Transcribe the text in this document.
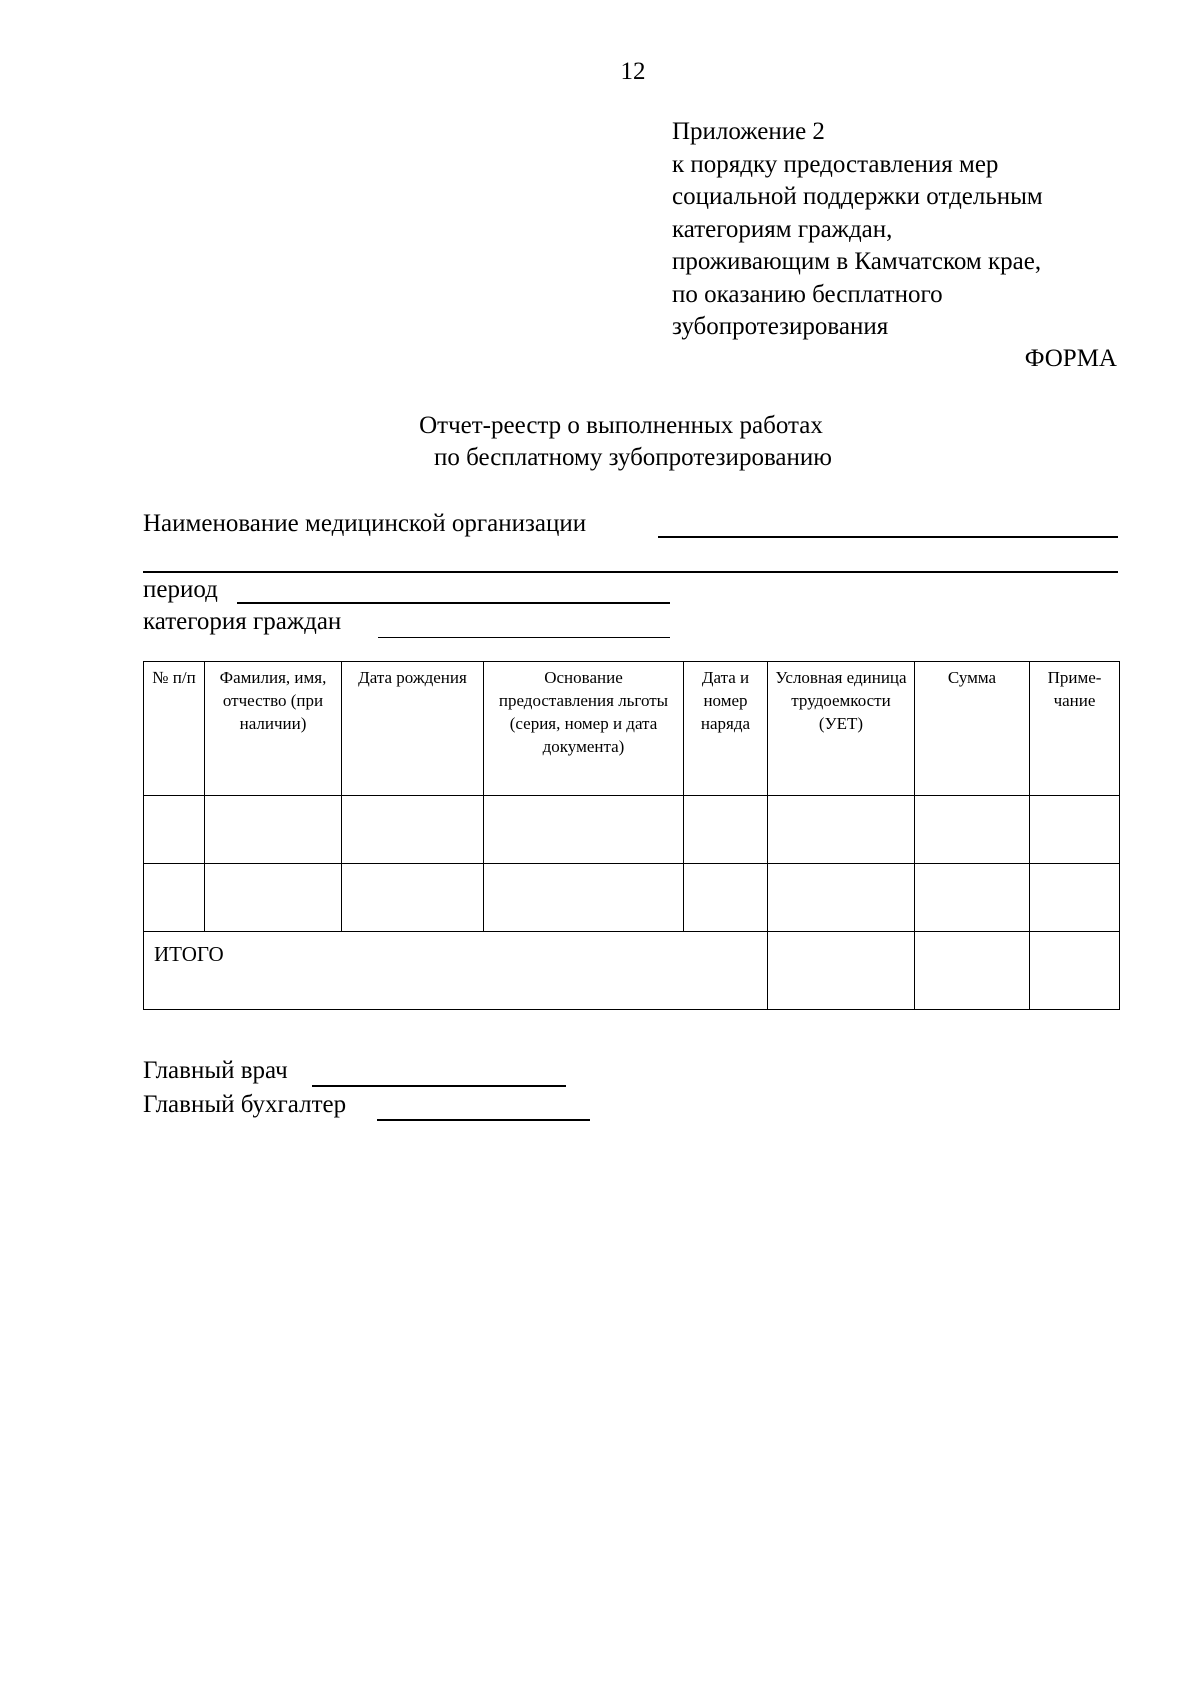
12
Приложение 2
к порядку предоставления мер
социальной поддержки отдельным
категориям граждан,
проживающим в Камчатском крае,
по оказанию бесплатного
зубопротезирования
ФОРМА
Отчет-реестр о выполненных работах
по бесплатному зубопротезированию
Наименование медицинской организации
период
категория граждан
№ п/п	Фамилия, имя, отчество (при наличии)	Дата рождения	Основание предоставления льготы (серия, номер и дата документа)	Дата и номер наряда	Условная единица трудоемкости (УЕТ)	Сумма	Приме-чание

ИТОГО							
Главный врач
Главный бухгалтер
